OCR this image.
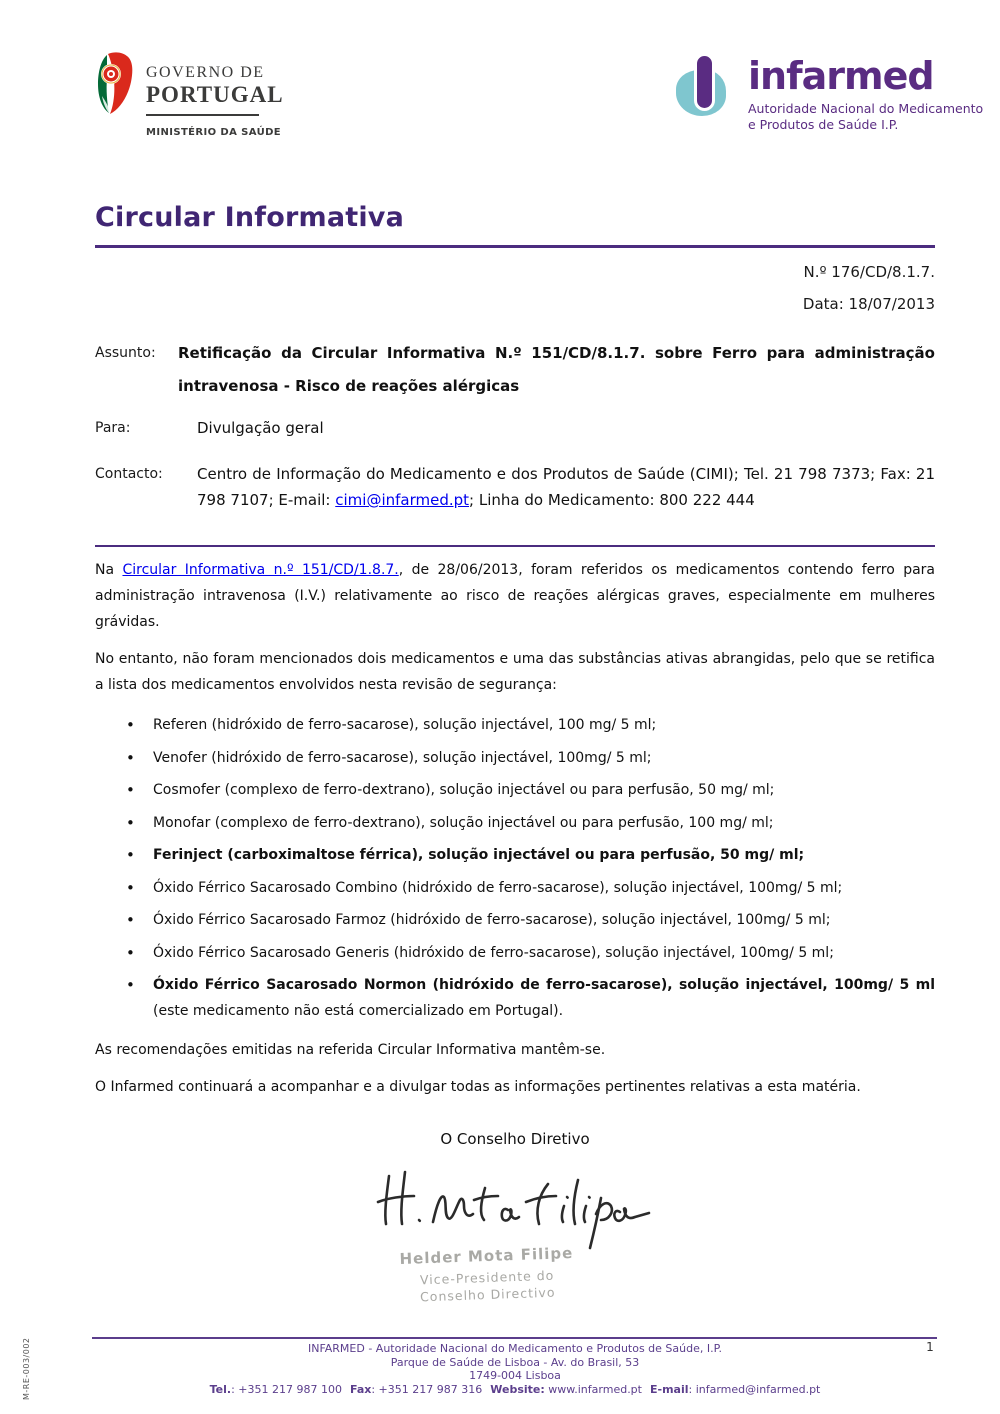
GOVERNO DE
PORTUGAL
MINISTÉRIO DA SAÚDE
infarmed
Autoridade Nacional do Medicamento
e Produtos de Saúde I.P.
Circular Informativa
N.º 176/CD/8.1.7.
Data: 18/07/2013
Assunto:	Retificação da Circular Informativa N.º 151/CD/8.1.7. sobre Ferro para administração intravenosa - Risco de reações alérgicas
Para:	Divulgação geral
Contacto:	Centro de Informação do Medicamento e dos Produtos de Saúde (CIMI); Tel. 21 798 7373; Fax: 21 798 7107; E-mail: cimi@infarmed.pt; Linha do Medicamento: 800 222 444

Na Circular Informativa n.º 151/CD/1.8.7., de 28/06/2013, foram referidos os medicamentos contendo ferro para administração intravenosa (I.V.) relativamente ao risco de reações alérgicas graves, especialmente em mulheres grávidas.

No entanto, não foram mencionados dois medicamentos e uma das substâncias ativas abrangidas, pelo que se retifica a lista dos medicamentos envolvidos nesta revisão de segurança:

• Referen (hidróxido de ferro-sacarose), solução injectável, 100 mg/ 5 ml;
• Venofer (hidróxido de ferro-sacarose), solução injectável, 100mg/ 5 ml;
• Cosmofer (complexo de ferro-dextrano), solução injectável ou para perfusão, 50 mg/ ml;
• Monofar (complexo de ferro-dextrano), solução injectável ou para perfusão, 100 mg/ ml;
• Ferinject (carboximaltose férrica), solução injectável ou para perfusão, 50 mg/ ml;
• Óxido Férrico Sacarosado Combino (hidróxido de ferro-sacarose), solução injectável, 100mg/ 5 ml;
• Óxido Férrico Sacarosado Farmoz (hidróxido de ferro-sacarose), solução injectável, 100mg/ 5 ml;
• Óxido Férrico Sacarosado Generis (hidróxido de ferro-sacarose), solução injectável, 100mg/ 5 ml;
• Óxido Férrico Sacarosado Normon (hidróxido de ferro-sacarose), solução injectável, 100mg/ 5 ml (este medicamento não está comercializado em Portugal).

As recomendações emitidas na referida Circular Informativa mantêm-se.

O Infarmed continuará a acompanhar e a divulgar todas as informações pertinentes relativas a esta matéria.

O Conselho Diretivo
Helder Mota Filipe
Vice-Presidente do
Conselho Directivo
INFARMED - Autoridade Nacional do Medicamento e Produtos de Saúde, I.P.
Parque de Saúde de Lisboa - Av. do Brasil, 53
1749-004 Lisboa
Tel.: +351 217 987 100 Fax: +351 217 987 316 Website: www.infarmed.pt E-mail: infarmed@infarmed.pt
1
M-RE-003/002
